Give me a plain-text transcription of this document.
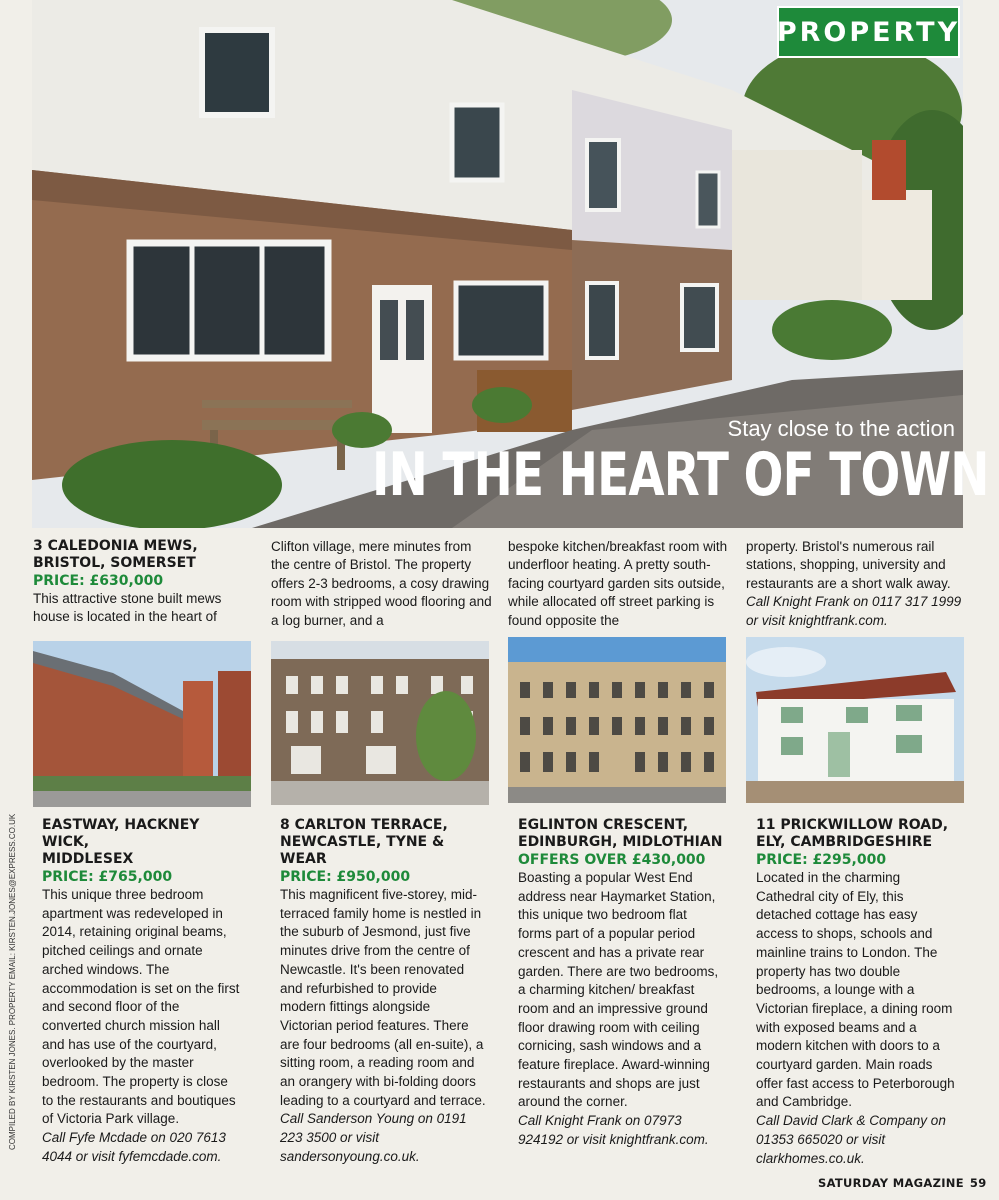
PROPERTY
Stay close to the action
IN THE HEART OF TOWN
3 CALEDONIA MEWS,
BRISTOL, SOMERSET
PRICE: £630,000

This attractive stone built mews house is located in the heart of

Clifton village, mere minutes from the centre of Bristol. The property offers 2-3 bedrooms, a cosy drawing room with stripped wood flooring and a log burner, and a

bespoke kitchen/breakfast room with underfloor heating. A pretty south-facing courtyard garden sits outside, while allocated off street parking is found opposite the

property. Bristol's numerous rail stations, shopping, university and restaurants are a short walk away.

Call Knight Frank on 0117 317 1999 or visit knightfrank.com.

EASTWAY, HACKNEY WICK,
MIDDLESEX
PRICE: £765,000

This unique three bedroom apartment was redeveloped in 2014, retaining original beams, pitched ceilings and ornate arched windows. The accommodation is set on the first and second floor of the converted church mission hall and has use of the courtyard, overlooked by the master bedroom. The property is close to the restaurants and boutiques of Victoria Park village.

Call Fyfe Mcdade on 020 7613 4044 or visit fyfemcdade.com.

8 CARLTON TERRACE,
NEWCASTLE, TYNE & WEAR
PRICE: £950,000

This magnificent five-storey, mid-terraced family home is nestled in the suburb of Jesmond, just five minutes drive from the centre of Newcastle. It's been renovated and refurbished to provide modern fittings alongside Victorian period features. There are four bedrooms (all en-suite), a sitting room, a reading room and an orangery with bi-folding doors leading to a courtyard and terrace.

Call Sanderson Young on 0191 223 3500 or visit sandersonyoung.co.uk.

EGLINTON CRESCENT,
EDINBURGH, MIDLOTHIAN
OFFERS OVER £430,000

Boasting a popular West End address near Haymarket Station, this unique two bedroom flat forms part of a popular period crescent and has a private rear garden. There are two bedrooms, a charming kitchen/ breakfast room and an impressive ground floor drawing room with ceiling cornicing, sash windows and a feature fireplace. Award-winning restaurants and shops are just around the corner.

Call Knight Frank on 07973 924192 or visit knightfrank.com.

11 PRICKWILLOW ROAD,
ELY, CAMBRIDGESHIRE
PRICE: £295,000

Located in the charming Cathedral city of Ely, this detached cottage has easy access to shops, schools and mainline trains to London. The property has two double bedrooms, a lounge with a Victorian fireplace, a dining room with exposed beams and a modern kitchen with doors to a courtyard garden. Main roads offer fast access to Peterborough and Cambridge.

Call David Clark & Company on 01353 665020 or visit clarkhomes.co.uk.

COMPILED BY KIRSTEN JONES. PROPERTY EMAIL: KIRSTEN.JONES@EXPRESS.CO.UK
SATURDAY MAGAZINE 59
